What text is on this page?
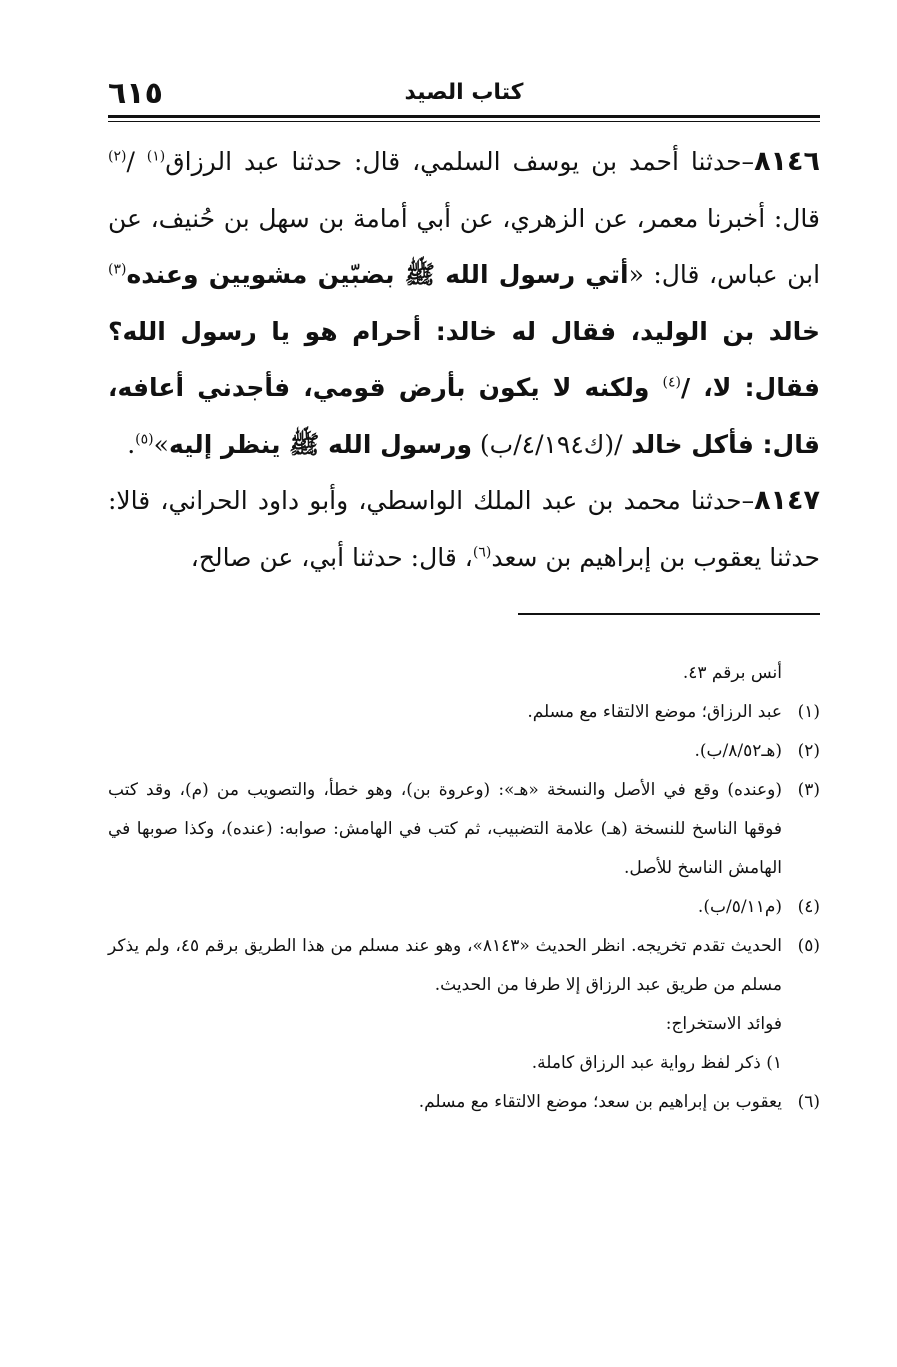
٦١٥	كتاب الصيد

٨١٤٦–حدثنا أحمد بن يوسف السلمي، قال: حدثنا عبد الرزاق$^{(١)}$ /$^{(٢)}$ قال: أخبرنا معمر، عن الزهري، عن أبي أمامة بن سهل بن حُنيف، عن ابن عباس، قال: «أتي رسول الله ﷺ بضبّين مشويين وعنده$^{(٣)}$ خالد بن الوليد، فقال له خالد: أحرام هو يا رسول الله؟ فقال: لا، /$^{(٤)}$ ولكنه لا يكون بأرض قومي، فأجدني أعافه، قال: فأكل خالد /(ك٤/١٩٤/ب) ورسول الله ﷺ ينظر إليه»$^{(٥)}$.

٨١٤٧–حدثنا محمد بن عبد الملك الواسطي، وأبو داود الحراني، قالا: حدثنا يعقوب بن إبراهيم بن سعد$^{(٦)}$، قال: حدثنا أبي، عن صالح،

أنس برقم ٤٣.

(١)
عبد الرزاق؛ موضع الالتقاء مع مسلم.

(٢)
(هـ٨/٥٢/ب).

(٣)
(وعنده) وقع في الأصل والنسخة «هـ»: (وعروة بن)، وهو خطأ، والتصويب من (م)، وقد كتب فوقها الناسخ للنسخة (هـ) علامة التضبيب، ثم كتب في الهامش: صوابه: (عنده)، وكذا صوبها في الهامش الناسخ للأصل.

(٤)
(م٥/١١/ب).

(٥)
الحديث تقدم تخريجه. انظر الحديث «٨١٤٣»، وهو عند مسلم من هذا الطريق برقم ٤٥، ولم يذكر مسلم من طريق عبد الرزاق إلا طرفا من الحديث.

فوائد الاستخراج:

١) ذكر لفظ رواية عبد الرزاق كاملة.

(٦)
يعقوب بن إبراهيم بن سعد؛ موضع الالتقاء مع مسلم.
